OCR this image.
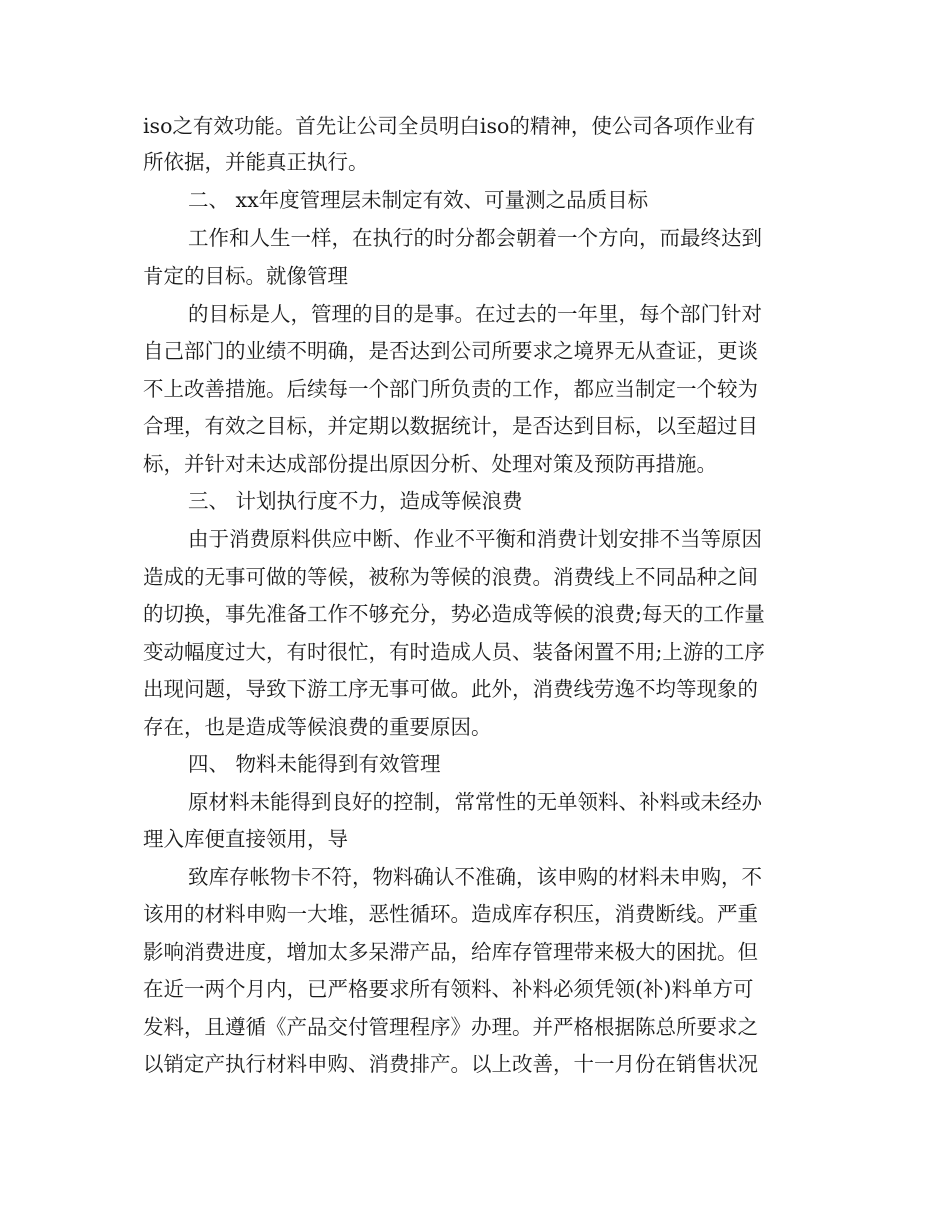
iso之有效功能。首先让公司全员明白iso的精神，使公司各项作业有
所依据，并能真正执行。
二、 xx年度管理层未制定有效、可量测之品质目标
工作和人生一样，在执行的时分都会朝着一个方向，而最终达到
肯定的目标。就像管理
的目标是人，管理的目的是事。在过去的一年里，每个部门针对
自己部门的业绩不明确，是否达到公司所要求之境界无从查证，更谈
不上改善措施。后续每一个部门所负责的工作，都应当制定一个较为
合理，有效之目标，并定期以数据统计，是否达到目标，以至超过目
标，并针对未达成部份提出原因分析、处理对策及预防再措施。
三、 计划执行度不力，造成等候浪费
由于消费原料供应中断、作业不平衡和消费计划安排不当等原因
造成的无事可做的等候，被称为等候的浪费。消费线上不同品种之间
的切换，事先准备工作不够充分，势必造成等候的浪费;每天的工作量
变动幅度过大，有时很忙，有时造成人员、装备闲置不用;上游的工序
出现问题，导致下游工序无事可做。此外，消费线劳逸不均等现象的
存在，也是造成等候浪费的重要原因。
四、 物料未能得到有效管理
原材料未能得到良好的控制，常常性的无单领料、补料或未经办
理入库便直接领用，导
致库存帐物卡不符，物料确认不准确，该申购的材料未申购，不
该用的材料申购一大堆，恶性循环。造成库存积压，消费断线。严重
影响消费进度，增加太多呆滞产品，给库存管理带来极大的困扰。但
在近一两个月内，已严格要求所有领料、补料必须凭领(补)料单方可
发料，且遵循《产品交付管理程序》办理。并严格根据陈总所要求之
以销定产执行材料申购、消费排产。以上改善，十一月份在销售状况
